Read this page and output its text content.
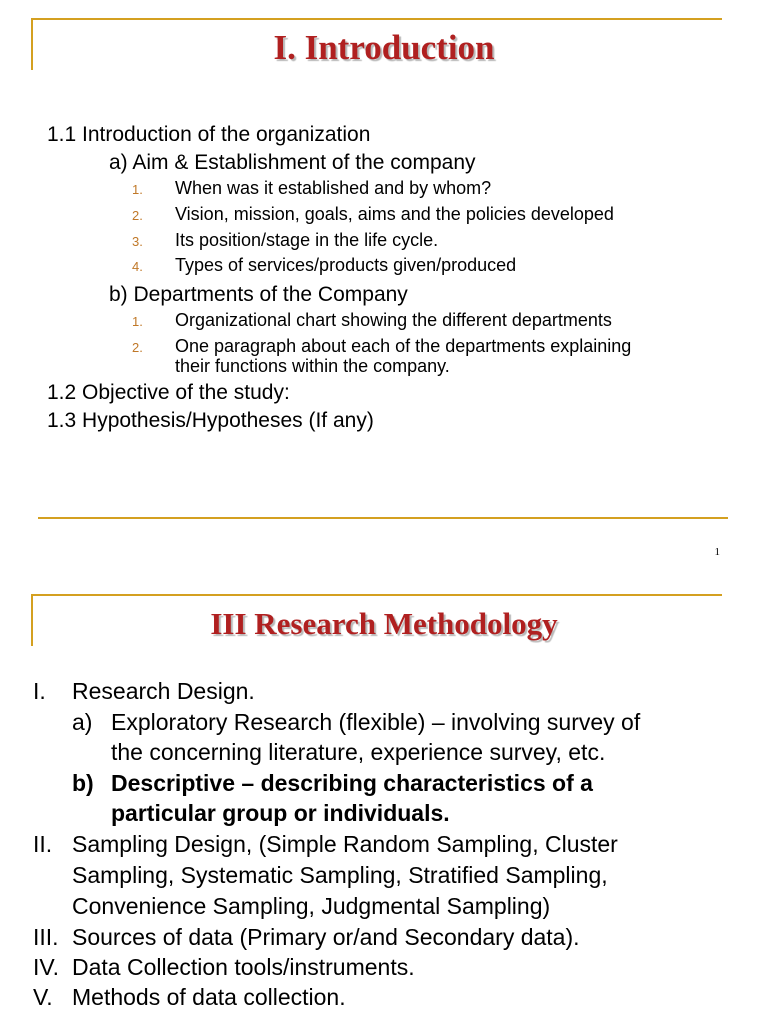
I. Introduction
1.1 Introduction of the organization
a) Aim & Establishment of the company
1. When was it established and by whom?
2. Vision, mission, goals, aims and the policies developed
3. Its position/stage in the life cycle.
4. Types of services/products given/produced
b) Departments of the Company
1. Organizational chart showing the different departments
2. One paragraph about each of the departments explaining
their functions within the company.
1.2 Objective of the study:
1.3 Hypothesis/Hypotheses (If any)
1
III Research Methodology
I. Research Design.
a) Exploratory Research (flexible) – involving survey of
the concerning literature, experience survey, etc.
b) Descriptive – describing characteristics of a
particular group or individuals.
II. Sampling Design, (Simple Random Sampling, Cluster
Sampling, Systematic Sampling, Stratified Sampling,
Convenience Sampling, Judgmental Sampling)
III. Sources of data (Primary or/and Secondary data).
IV. Data Collection tools/instruments.
V. Methods of data collection.
